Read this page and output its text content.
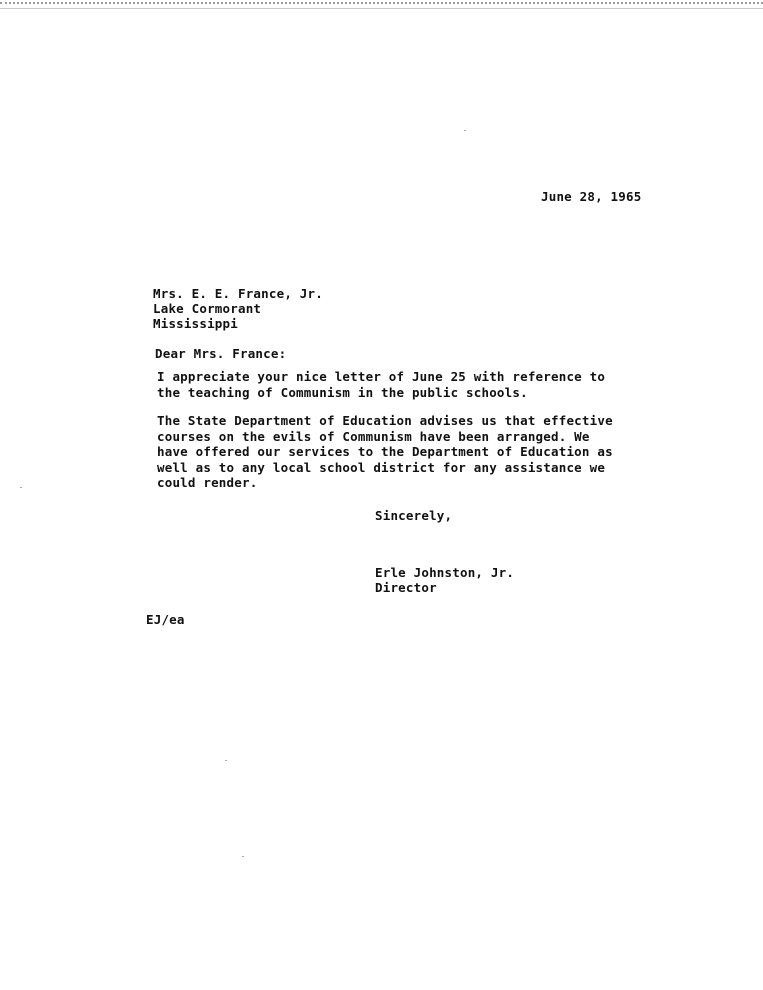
June 28, 1965
Mrs. E. E. France, Jr.
Lake Cormorant
Mississippi
Dear Mrs. France:
I appreciate your nice letter of June 25 with reference to
the teaching of Communism in the public schools.
The State Department of Education advises us that effective
courses on the evils of Communism have been arranged. We
have offered our services to the Department of Education as
well as to any local school district for any assistance we
could render.
Sincerely,
Erle Johnston, Jr.
Director
EJ/ea
